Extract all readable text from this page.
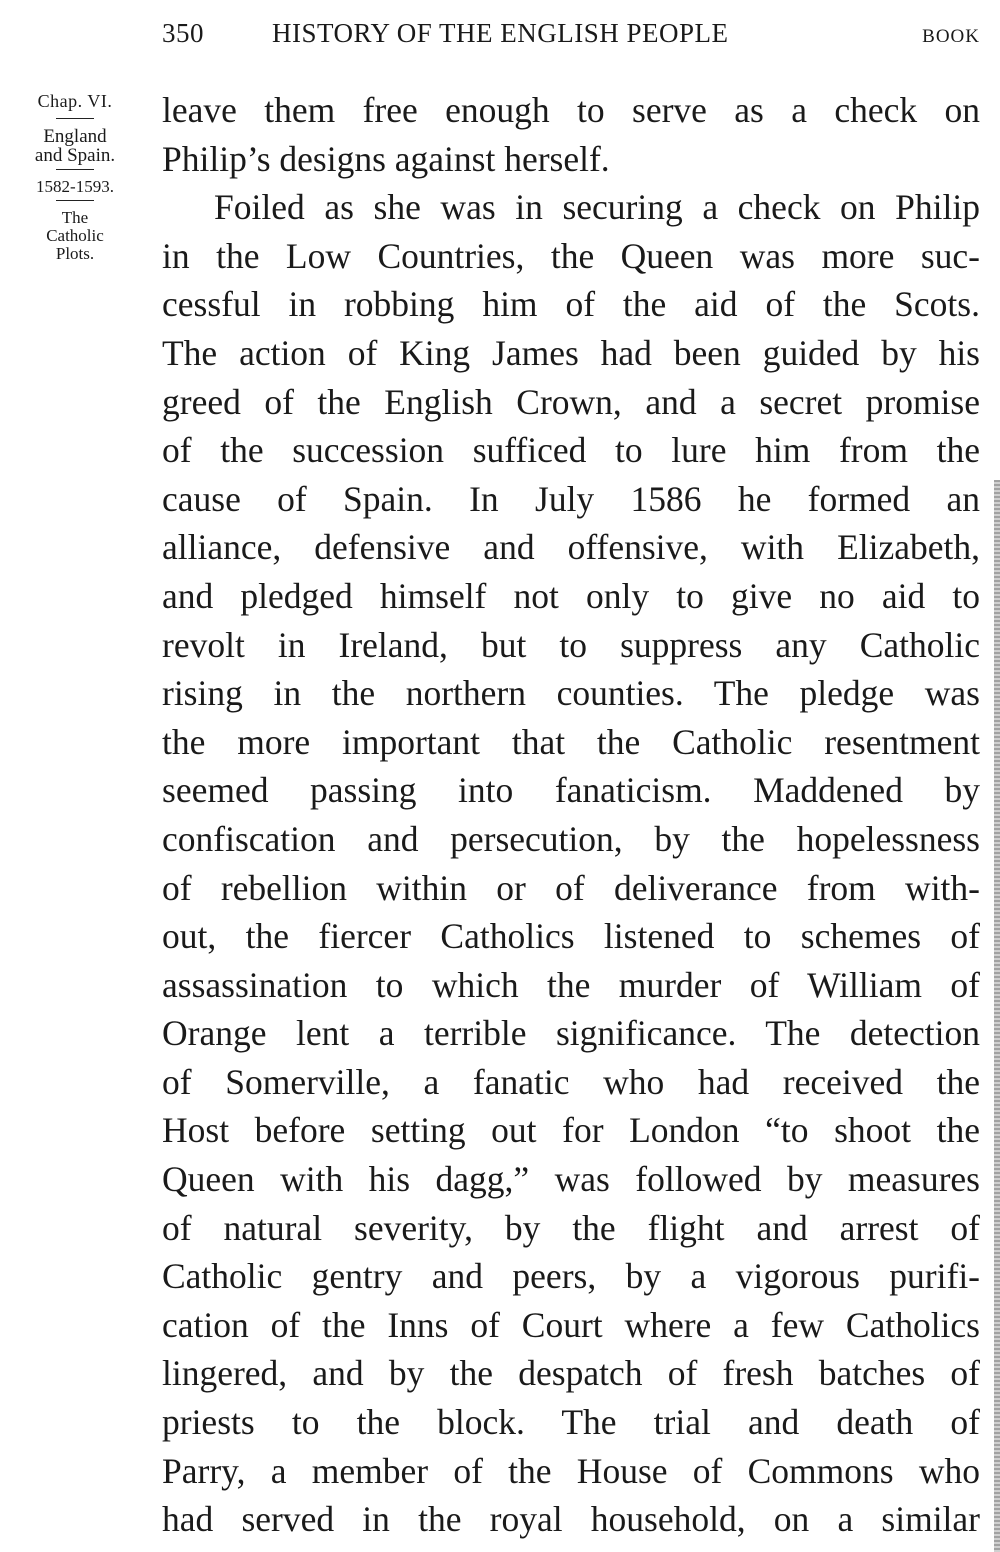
350	HISTORY OF THE ENGLISH PEOPLE	BOOK
Chap. VI.
England
and Spain.
1582-1593.
The
Catholic
Plots.
leave them free enough to serve as a check on
Philip’s designs against herself.
Foiled as she was in securing a check on Philip
in the Low Countries, the Queen was more suc-
cessful in robbing him of the aid of the Scots.
The action of King James had been guided by his
greed of the English Crown, and a secret promise
of the succession sufficed to lure him from the
cause of Spain. In July 1586 he formed an
alliance, defensive and offensive, with Elizabeth,
and pledged himself not only to give no aid to
revolt in Ireland, but to suppress any Catholic
rising in the northern counties. The pledge was
the more important that the Catholic resentment
seemed passing into fanaticism. Maddened by
confiscation and persecution, by the hopelessness
of rebellion within or of deliverance from with-
out, the fiercer Catholics listened to schemes of
assassination to which the murder of William of
Orange lent a terrible significance. The detection
of Somerville, a fanatic who had received the
Host before setting out for London “to shoot the
Queen with his dagg,” was followed by measures
of natural severity, by the flight and arrest of
Catholic gentry and peers, by a vigorous purifi-
cation of the Inns of Court where a few Catholics
lingered, and by the despatch of fresh batches of
priests to the block. The trial and death of
Parry, a member of the House of Commons who
had served in the royal household, on a similar
